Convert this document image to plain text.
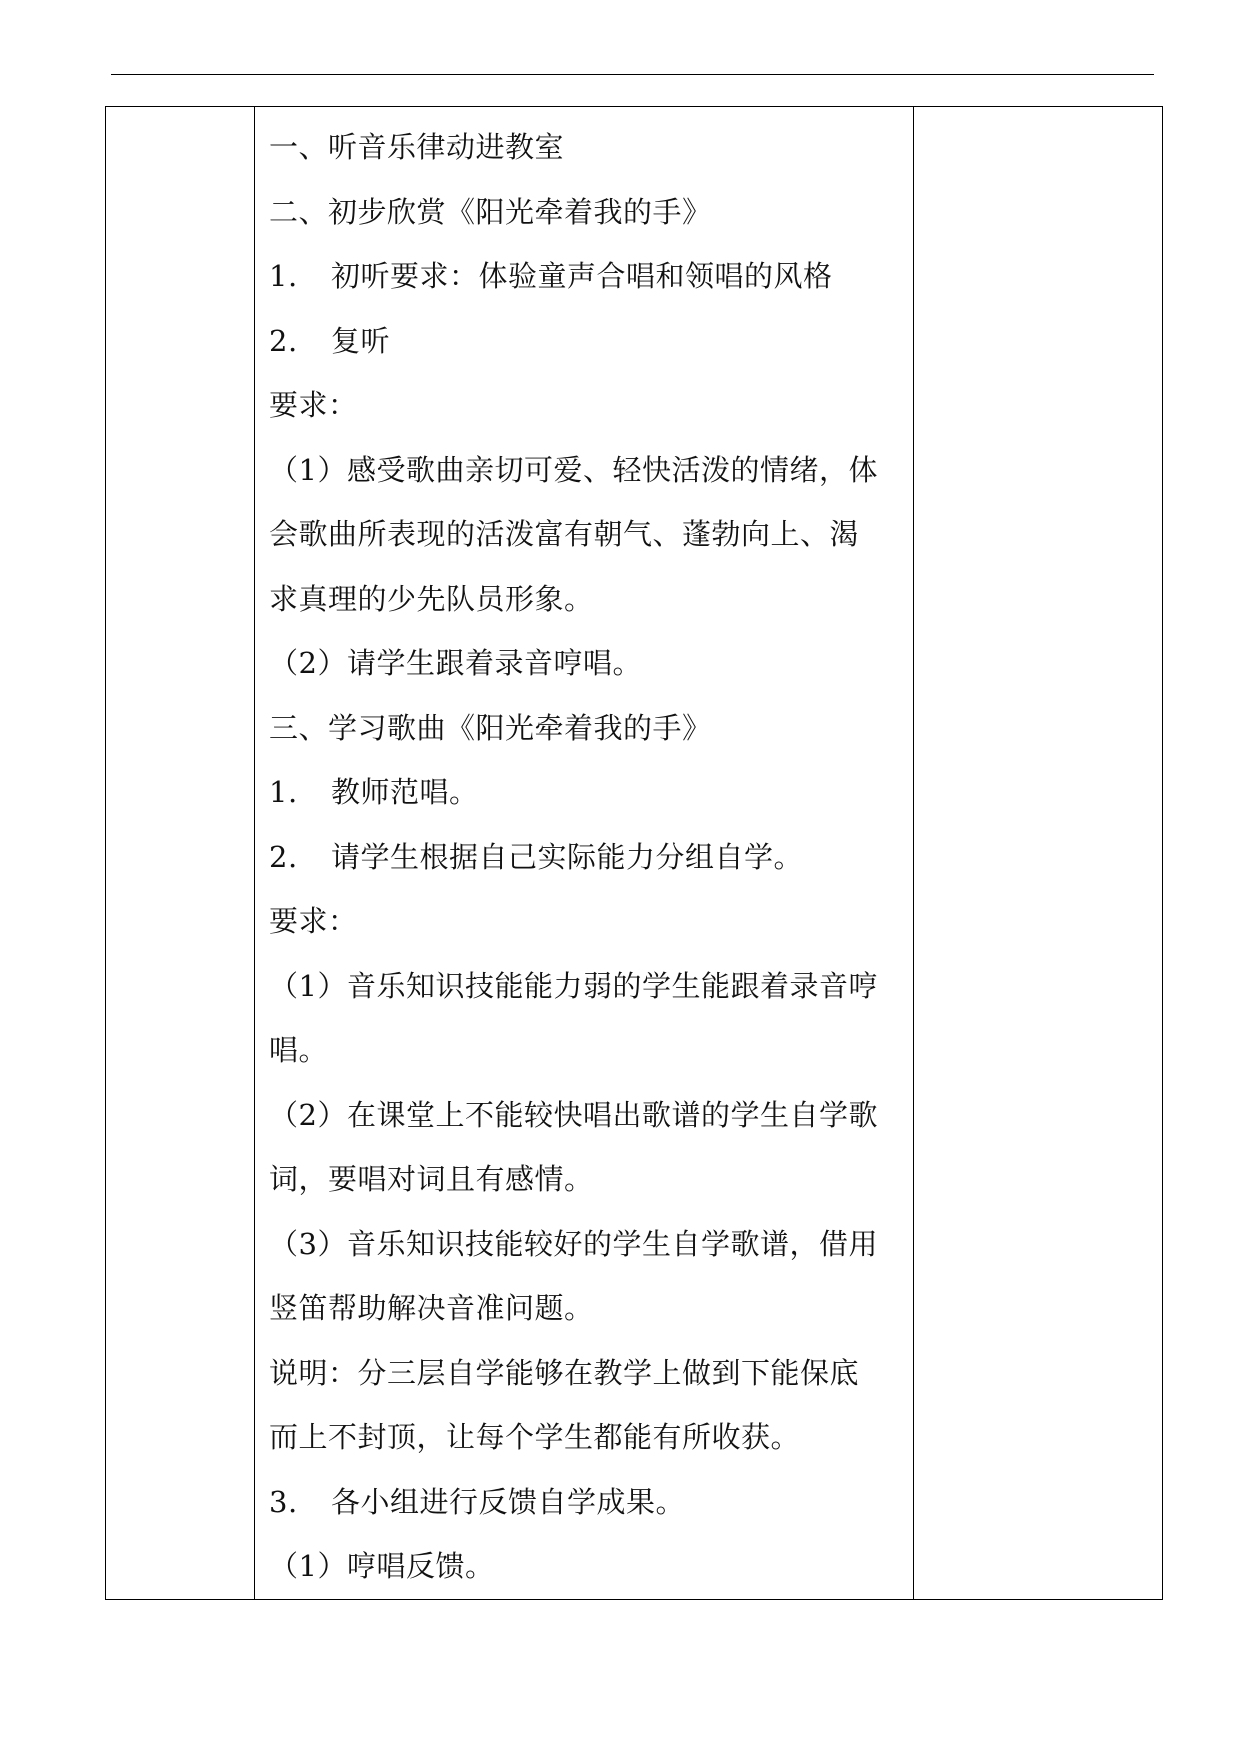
一、听音乐律动进教室
二、初步欣赏《阳光牵着我的手》
1. 初听要求：体验童声合唱和领唱的风格
2. 复听
要求：
（1）感受歌曲亲切可爱、轻快活泼的情绪，体
会歌曲所表现的活泼富有朝气、蓬勃向上、渴
求真理的少先队员形象。
（2）请学生跟着录音哼唱。
三、学习歌曲《阳光牵着我的手》
1. 教师范唱。
2. 请学生根据自己实际能力分组自学。
要求：
（1）音乐知识技能能力弱的学生能跟着录音哼
唱。
（2）在课堂上不能较快唱出歌谱的学生自学歌
词，要唱对词且有感情。
（3）音乐知识技能较好的学生自学歌谱，借用
竖笛帮助解决音准问题。
说明：分三层自学能够在教学上做到下能保底
而上不封顶，让每个学生都能有所收获。
3. 各小组进行反馈自学成果。
（1）哼唱反馈。
